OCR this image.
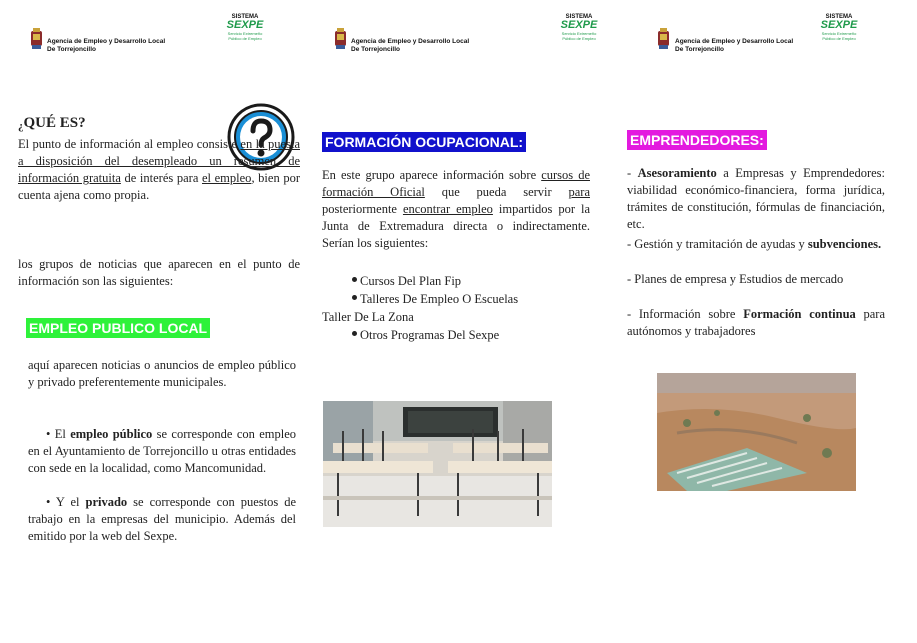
Agencia de Empleo y Desarrollo Local
De Torrejoncillo
SISTEMA
SEXPE
Servicio Extremeño
Público de Empleo
¿QUÉ ES?

El punto de información al empleo consiste en la puesta a disposición del desempleado un resumen de información gratuita de interés para el empleo, bien por cuenta ajena como propia.

los grupos de noticias que aparecen en el punto de información son las siguientes:

EMPLEO PUBLICO LOCAL

aquí aparecen noticias o anuncios de empleo público y privado preferentemente municipales.

• El empleo público se corresponde con empleo en el Ayuntamiento de Torrejoncillo u otras entidades con sede en la localidad, como Mancomunidad.

• Y el privado se corresponde con puestos de trabajo en la empresas del municipio. Además del emitido por la web del Sexpe.

Agencia de Empleo y Desarrollo Local
De Torrejoncillo
SISTEMA
SEXPE
Servicio Extremeño
Público de Empleo
FORMACIÓN OCUPACIONAL:

En este grupo aparece información sobre cursos de formación Oficial que pueda servir para posteriormente encontrar empleo impartidos por la Junta de Extremadura directa o indirectamente. Serían los siguientes:

Cursos Del Plan Fip

Talleres De Empleo O Escuelas

Taller De La Zona

Otros Programas Del Sexpe

Agencia de Empleo y Desarrollo Local
De Torrejoncillo
SISTEMA
SEXPE
Servicio Extremeño
Público de Empleo
EMPRENDEDORES:

- Asesoramiento a Empresas y Emprendedores: viabilidad económico-financiera, forma jurídica, trámites de constitución, fórmulas de financiación, etc.

- Gestión y tramitación de ayudas y subvenciones.

- Planes de empresa y Estudios de mercado

- Información sobre Formación continua para autónomos y trabajadores
